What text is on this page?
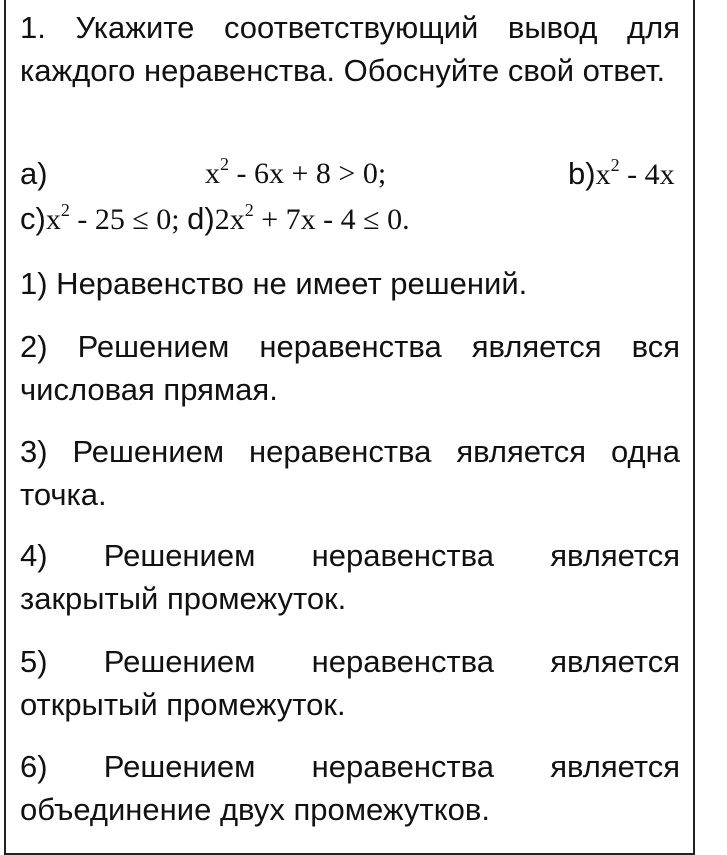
1. Укажите соответствующий вывод для каждого неравенства. Обоснуйте свой ответ.

a)	$x^2 - 6x + 8 > 0$;	$b)x^2 - 4x$
$c)x^2 - 25 \le 0$; $d)2x^2 + 7x - 4 \le 0$.

1) Неравенство не имеет решений.

2) Решением неравенства является вся числовая прямая.

3) Решением неравенства является одна точка.

4) Решением неравенства является закрытый промежуток.

5) Решением неравенства является открытый промежуток.

6) Решением неравенства является объединение двух промежутков.
